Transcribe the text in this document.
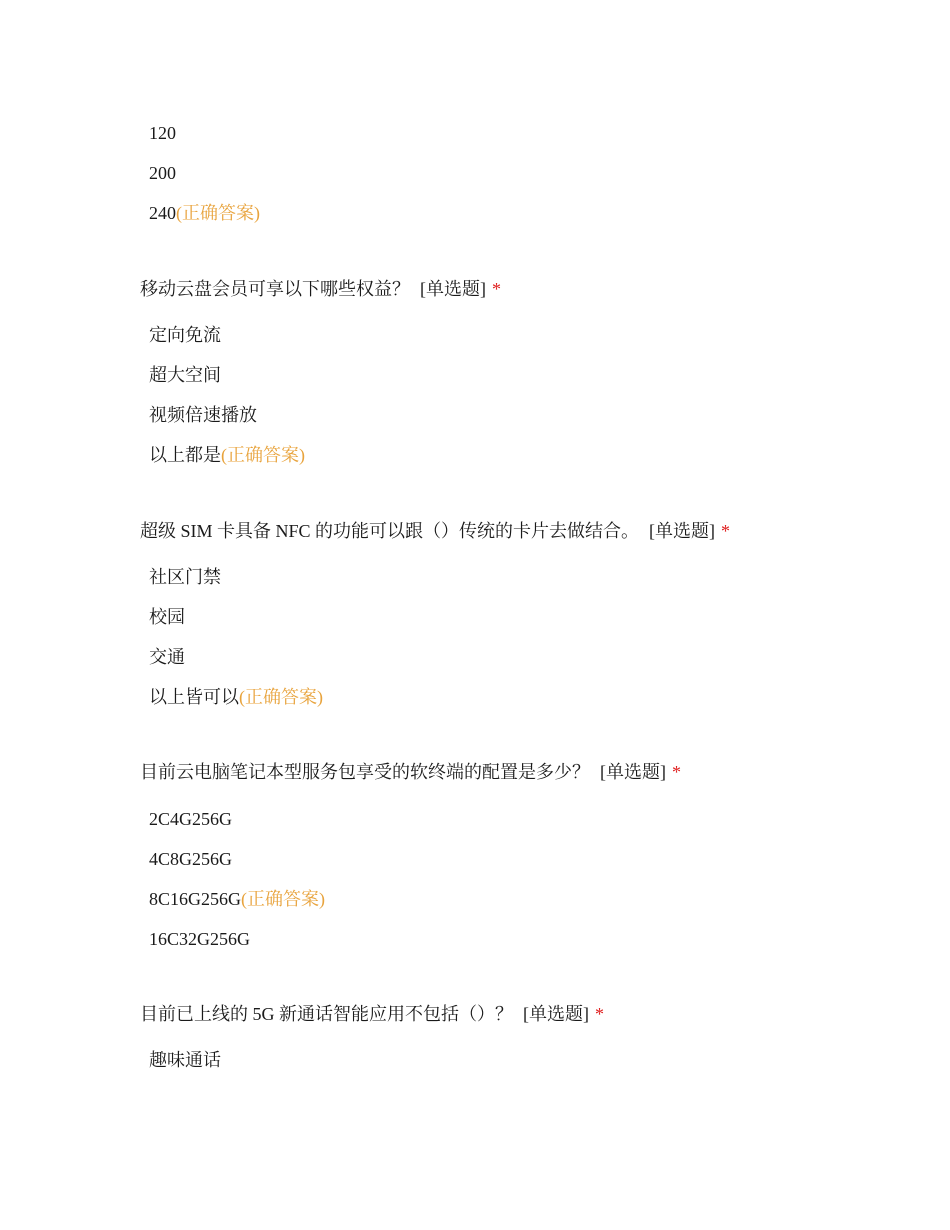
120
200
240(正确答案)
移动云盘会员可享以下哪些权益？ [单选题] *
定向免流
超大空间
视频倍速播放
以上都是(正确答案)
超级 SIM 卡具备 NFC 的功能可以跟（）传统的卡片去做结合。 [单选题] *
社区门禁
校园
交通
以上皆可以(正确答案)
目前云电脑笔记本型服务包享受的软终端的配置是多少？ [单选题] *
2C4G256G
4C8G256G
8C16G256G(正确答案)
16C32G256G
目前已上线的 5G 新通话智能应用不包括（）？ [单选题] *
趣味通话
